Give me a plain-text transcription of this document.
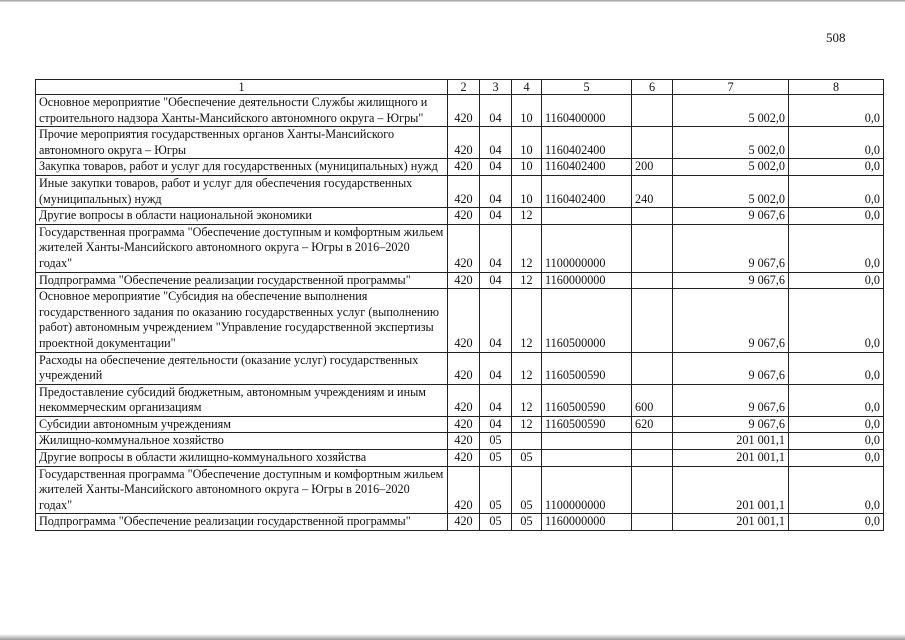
508
1	2	3	4	5	6	7	8
Основное мероприятие "Обеспечение деятельности Службы жилищного и строительного надзора Ханты-Мансийского автономного округа – Югры"	420	04	10	1160400000		5 002,0	0,0
Прочие мероприятия государственных органов Ханты-Мансийского автономного округа – Югры	420	04	10	1160402400		5 002,0	0,0
Закупка товаров, работ и услуг для государственных (муниципальных) нужд	420	04	10	1160402400	200	5 002,0	0,0
Иные закупки товаров, работ и услуг для обеспечения государственных (муниципальных) нужд	420	04	10	1160402400	240	5 002,0	0,0
Другие вопросы в области национальной экономики	420	04	12			9 067,6	0,0
Государственная программа "Обеспечение доступным и комфортным жильем жителей Ханты-Мансийского автономного округа – Югры в 2016–2020 годах"	420	04	12	1100000000		9 067,6	0,0
Подпрограмма "Обеспечение реализации государственной программы"	420	04	12	1160000000		9 067,6	0,0
Основное мероприятие "Субсидия на обеспечение выполнения государственного задания по оказанию государственных услуг (выполнению работ) автономным учреждением "Управление государственной экспертизы проектной документации"	420	04	12	1160500000		9 067,6	0,0
Расходы на обеспечение деятельности (оказание услуг) государственных учреждений	420	04	12	1160500590		9 067,6	0,0
Предоставление субсидий бюджетным, автономным учреждениям и иным некоммерческим организациям	420	04	12	1160500590	600	9 067,6	0,0
Субсидии автономным учреждениям	420	04	12	1160500590	620	9 067,6	0,0
Жилищно-коммунальное хозяйство	420	05				201 001,1	0,0
Другие вопросы в области жилищно-коммунального хозяйства	420	05	05			201 001,1	0,0
Государственная программа "Обеспечение доступным и комфортным жильем жителей Ханты-Мансийского автономного округа – Югры в 2016–2020 годах"	420	05	05	1100000000		201 001,1	0,0
Подпрограмма "Обеспечение реализации государственной программы"	420	05	05	1160000000		201 001,1	0,0
